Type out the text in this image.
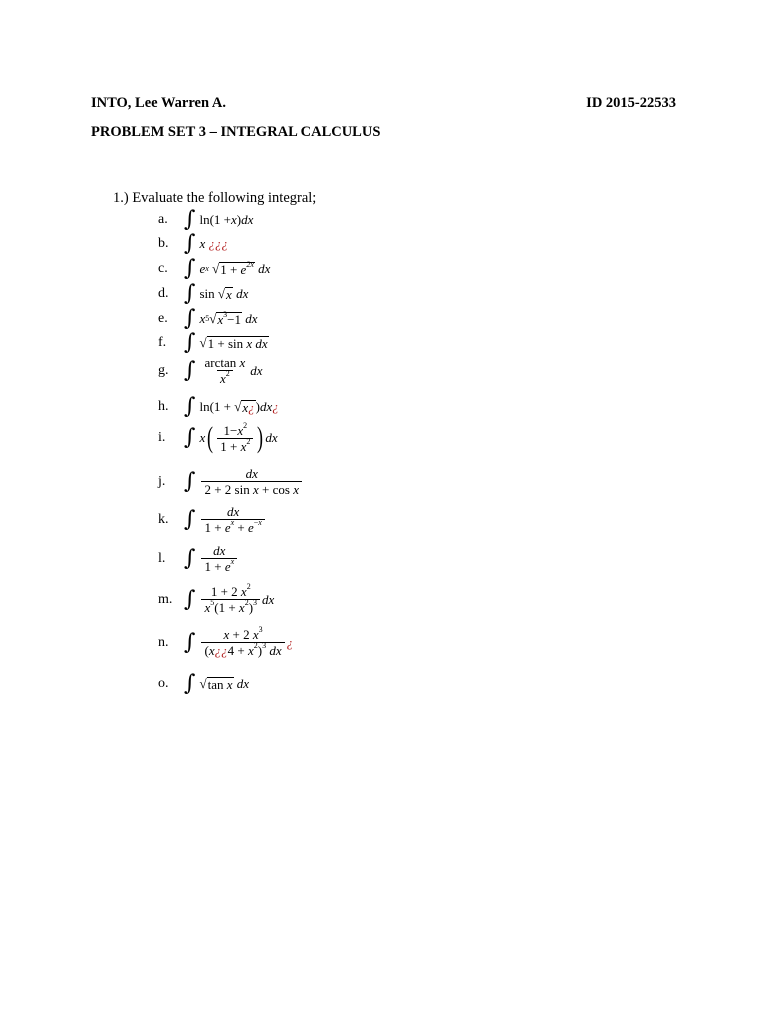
INTO, Lee Warren A.	ID 2015-22533
PROBLEM SET 3 – INTEGRAL CALCULUS
1.) Evaluate the following integral;
a. ∫ ln(1 + x ) dx
b. ∫ x
¿¿¿
c. ∫ e x √ $1 + e^{2x}$
dx
d. ∫ sin √ x
dx
e. ∫ x 5 √ $x^3-1$
dx
f. ∫ √ 1 + sin x dx
g. ∫ $\frac{\text{arctan x}}{x^2}$ dx
h. ∫ ln(1 + √ x¿ ) dx ¿
i. ∫ x ( $\frac{1-x^2}{1 + x^2}$ ) dx
j. ∫ $\frac{dx}{\text{2 + 2 sin x + cos x}}$
k. ∫ $\frac{dx}{1 + e^x + e^{-x}}$
l. ∫ $\frac{dx}{1 + e^x}$
m. ∫ $\frac{1 + 2 x^2}{x^5(1 + x^2)^3}$ dx
n. ∫ $\frac{x + 2 x^3}{(x¿¿4 + x^2)^3 dx}$ ¿
o. ∫ √ tan x
dx
